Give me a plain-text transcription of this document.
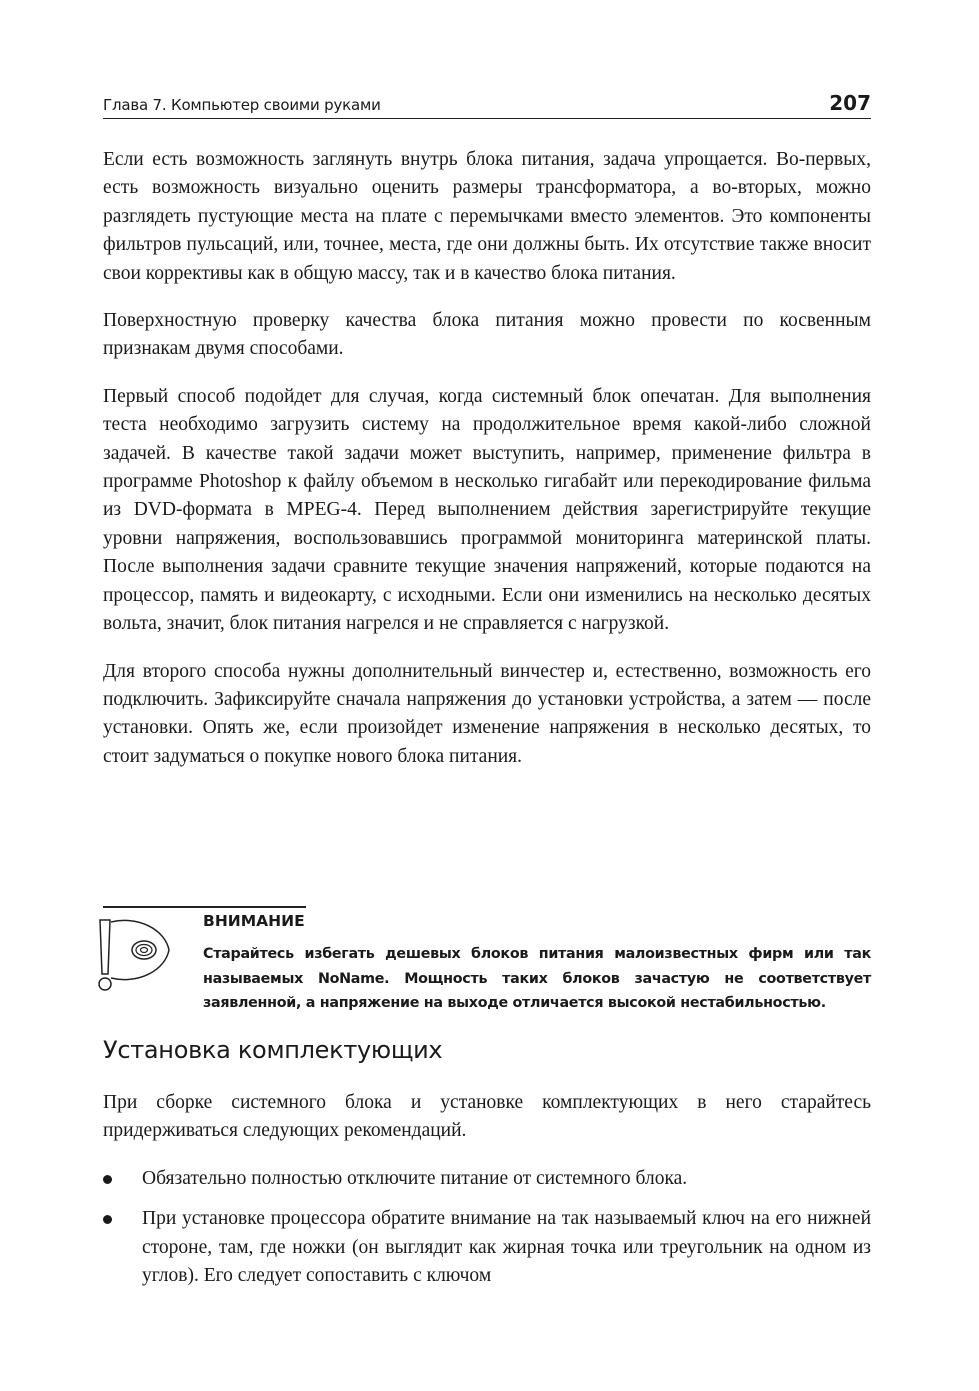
Глава 7. Компьютер своими руками	207

Если есть возможность заглянуть внутрь блока питания, задача упрощается. Во-первых, есть возможность визуально оценить размеры трансформатора, а во-вторых, можно разглядеть пустующие места на плате с перемычками вместо элементов. Это компоненты фильтров пульсаций, или, точнее, места, где они должны быть. Их отсутствие также вносит свои коррективы как в общую массу, так и в качество блока питания.

Поверхностную проверку качества блока питания можно провести по косвенным признакам двумя способами.

Первый способ подойдет для случая, когда системный блок опечатан. Для выполнения теста необходимо загрузить систему на продолжительное время какой-либо сложной задачей. В качестве такой задачи может выступить, например, применение фильтра в программе Photoshop к файлу объемом в несколько гигабайт или перекодирование фильма из DVD-формата в MPEG-4. Перед выполнением действия зарегистрируйте текущие уровни напряжения, воспользовавшись программой мониторинга материнской платы. После выполнения задачи сравните текущие значения напряжений, которые подаются на процессор, память и видеокарту, с исходными. Если они изменились на несколько десятых вольта, значит, блок питания нагрелся и не справляется с нагрузкой.

Для второго способа нужны дополнительный винчестер и, естественно, возможность его подключить. Зафиксируйте сначала напряжения до установки устройства, а затем — после установки. Опять же, если произойдет изменение напряжения в несколько десятых, то стоит задуматься о покупке нового блока питания.

ВНИМАНИЕ
Старайтесь избегать дешевых блоков питания малоизвестных фирм или так называемых NoName. Мощность таких блоков зачастую не соответствует заявленной, а напряжение на выходе отличается высокой нестабильностью.
Установка комплектующих

При сборке системного блока и установке комплектующих в него старайтесь придерживаться следующих рекомендаций.

Обязательно полностью отключите питание от системного блока.
При установке процессора обратите внимание на так называемый ключ на его нижней стороне, там, где ножки (он выглядит как жирная точка или треугольник на одном из углов). Его следует сопоставить с ключом
